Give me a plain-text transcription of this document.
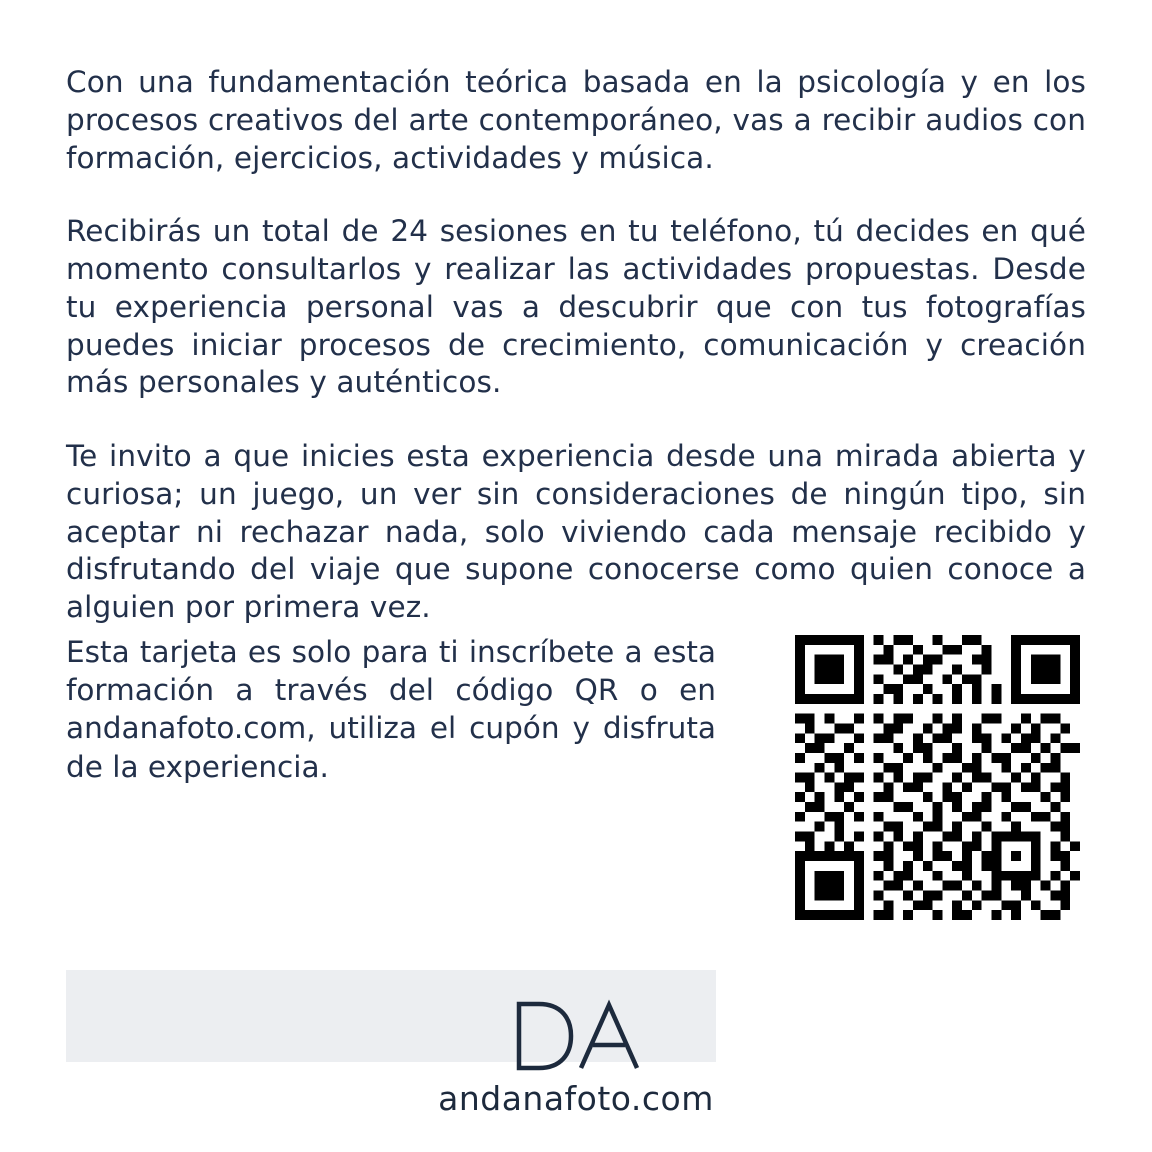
Con una fundamentación teórica basada en la psicología y en los procesos creativos del arte contemporáneo, vas a recibir audios con formación, ejercicios, actividades y música.

Recibirás un total de 24 sesiones en tu teléfono, tú decides en qué momento consultarlos y realizar las actividades propuestas. Desde tu experiencia personal vas a descubrir que con tus fotografías puedes iniciar procesos de crecimiento, comunicación y creación más personales y auténticos.

Te invito a que inicies esta experiencia desde una mirada abierta y curiosa; un juego, un ver sin consideraciones de ningún tipo, sin aceptar ni rechazar nada, solo viviendo cada mensaje recibido y disfrutando del viaje que supone conocerse como quien conoce a alguien por primera vez.

Esta tarjeta es solo para ti inscríbete a esta formación a través del código QR o en andanafoto.com, utiliza el cupón y disfruta de la experiencia.

andanafoto.com
